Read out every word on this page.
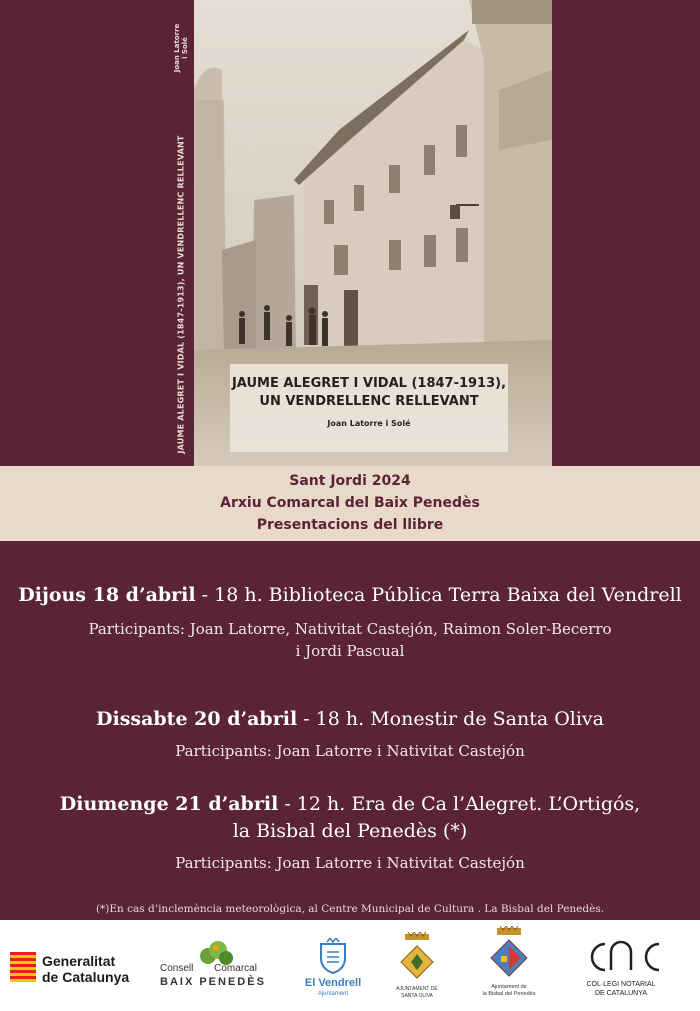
Joan Latorre i Solé
JAUME ALEGRET I VIDAL (1847-1913), UN VENDRELLENC RELLEVANT	JAUME ALEGRET I VIDAL (1847-1913),
UN VENDRELLENC RELLEVANT
Joan Latorre i Solé
Sant Jordi 2024
Arxiu Comarcal del Baix Penedès
Presentacions del llibre
Dijous 18 d’abril - 18 h. Biblioteca Pública Terra Baixa del Vendrell
Participants: Joan Latorre, Nativitat Castejón, Raimon Soler-Becerro
i Jordi Pascual
Dissabte 20 d’abril - 18 h. Monestir de Santa Oliva
Participants: Joan Latorre i Nativitat Castejón
Diumenge 21 d’abril - 12 h. Era de Ca l’Alegret. L’Ortigós,
la Bisbal del Penedès (*)
Participants: Joan Latorre i Nativitat Castejón
(*)En cas d’inclemència meteorològica, al Centre Municipal de Cultura . La Bisbal del Penedès.
Generalitat
de Catalunya
Consell Comarcal
BAIX PENEDÈS	El Vendrell
Ajuntament
AJUNTAMENT DE
SANTA OLIVA
Ajuntament de
la Bisbal del Penedès
COL·LEGI NOTARIAL
DE CATALUNYA
